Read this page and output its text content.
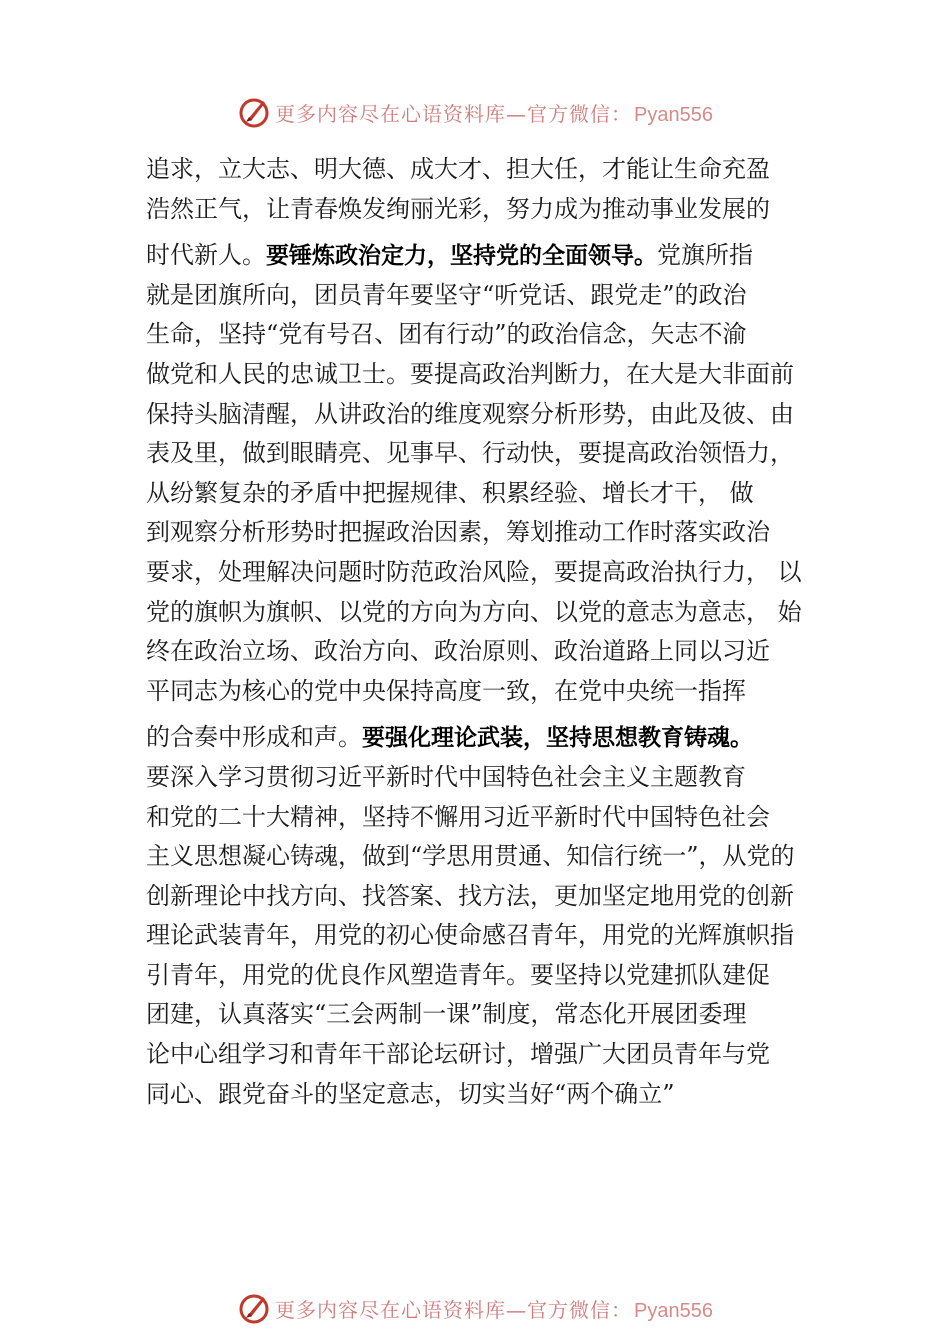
更多内容尽在心语资料库—官方微信： Pyan556
追求，立大志、明大德、成大才、担大任，才能让生命充盈
浩然正气，让青春焕发绚丽光彩，努力成为推动事业发展的
时代新人。要锤炼政治定力，坚持党的全面领导。党旗所指
就是团旗所向，团员青年要坚守“听党话、跟党走”的政治
生命，坚持“党有号召、团有行动”的政治信念，矢志不渝
做党和人民的忠诚卫士。要提高政治判断力，在大是大非面前
保持头脑清醒，从讲政治的维度观察分析形势，由此及彼、由
表及里，做到眼睛亮、见事早、行动快，要提高政治领悟力，
从纷繁复杂的矛盾中把握规律、积累经验、增长才干， 做
到观察分析形势时把握政治因素，筹划推动工作时落实政治
要求，处理解决问题时防范政治风险，要提高政治执行力， 以
党的旗帜为旗帜、以党的方向为方向、以党的意志为意志， 始
终在政治立场、政治方向、政治原则、政治道路上同以习近
平同志为核心的党中央保持高度一致，在党中央统一指挥
的合奏中形成和声。要强化理论武装，坚持思想教育铸魂。
要深入学习贯彻习近平新时代中国特色社会主义主题教育
和党的二十大精神，坚持不懈用习近平新时代中国特色社会
主义思想凝心铸魂，做到“学思用贯通、知信行统一”，从党的
创新理论中找方向、找答案、找方法，更加坚定地用党的创新
理论武装青年，用党的初心使命感召青年，用党的光辉旗帜指
引青年，用党的优良作风塑造青年。要坚持以党建抓队建促
团建，认真落实“三会两制一课”制度，常态化开展团委理
论中心组学习和青年干部论坛研讨，增强广大团员青年与党
同心、跟党奋斗的坚定意志，切实当好“两个确立”
更多内容尽在心语资料库—官方微信： Pyan556
